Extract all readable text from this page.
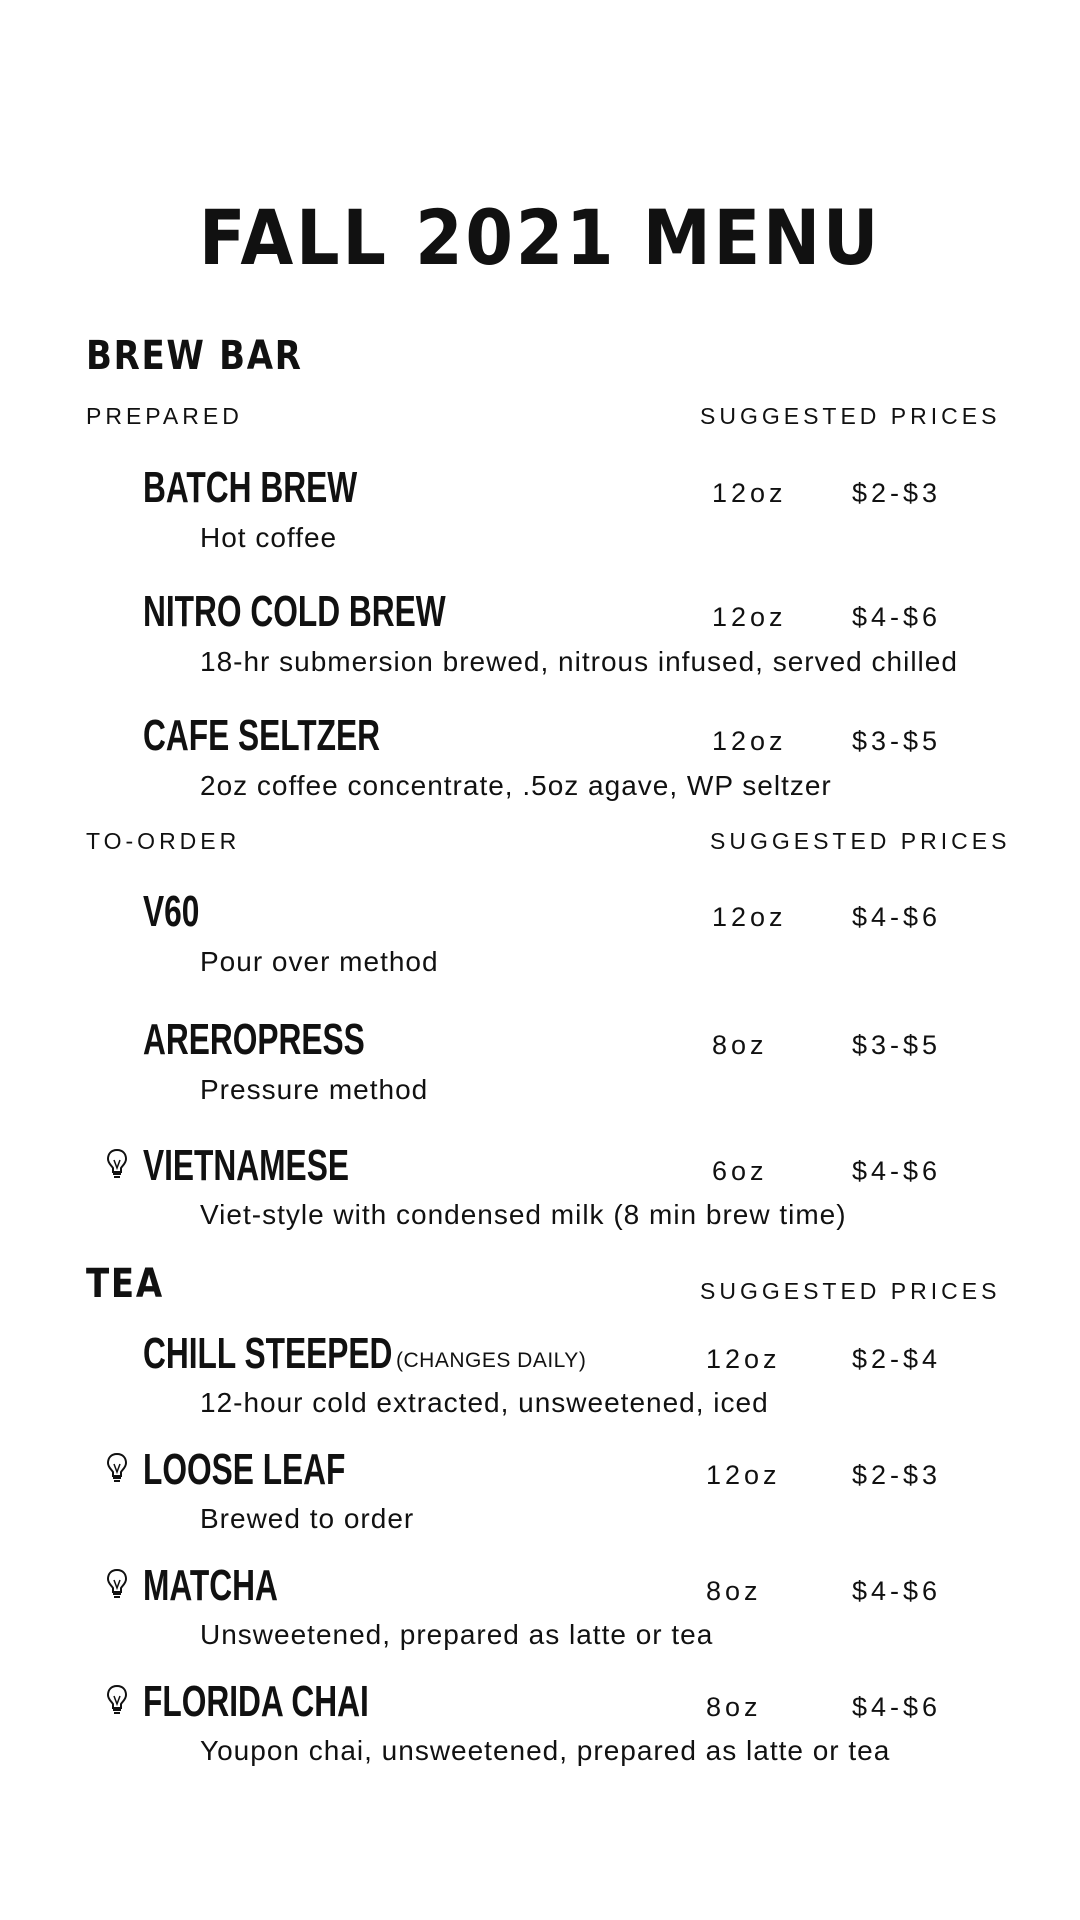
FALL 2021 MENU
BREW BAR
PREPARED	SUGGESTED PRICES
BATCH BREW	12oz $2-$3
Hot coffee
NITRO COLD BREW	12oz $4-$6
18-hr submersion brewed, nitrous infused, served chilled
CAFE SELTZER	12oz $3-$5
2oz coffee concentrate, .5oz agave, WP seltzer
TO-ORDER	SUGGESTED PRICES
V60	12oz $4-$6
Pour over method
AREROPRESS	8oz	$3-$5
Pressure method
VIETNAMESE	6oz	$4-$6
Viet-style with condensed milk (8 min brew time)
TEA	SUGGESTED PRICES
CHILL STEEPED (CHANGES DAILY)	12oz	$2-$4
12-hour cold extracted, unsweetened, iced
LOOSE LEAF	12oz	$2-$3
Brewed to order
MATCHA	8oz	$4-$6
Unsweetened, prepared as latte or tea
FLORIDA CHAI	8oz	$4-$6
Youpon chai, unsweetened, prepared as latte or tea
